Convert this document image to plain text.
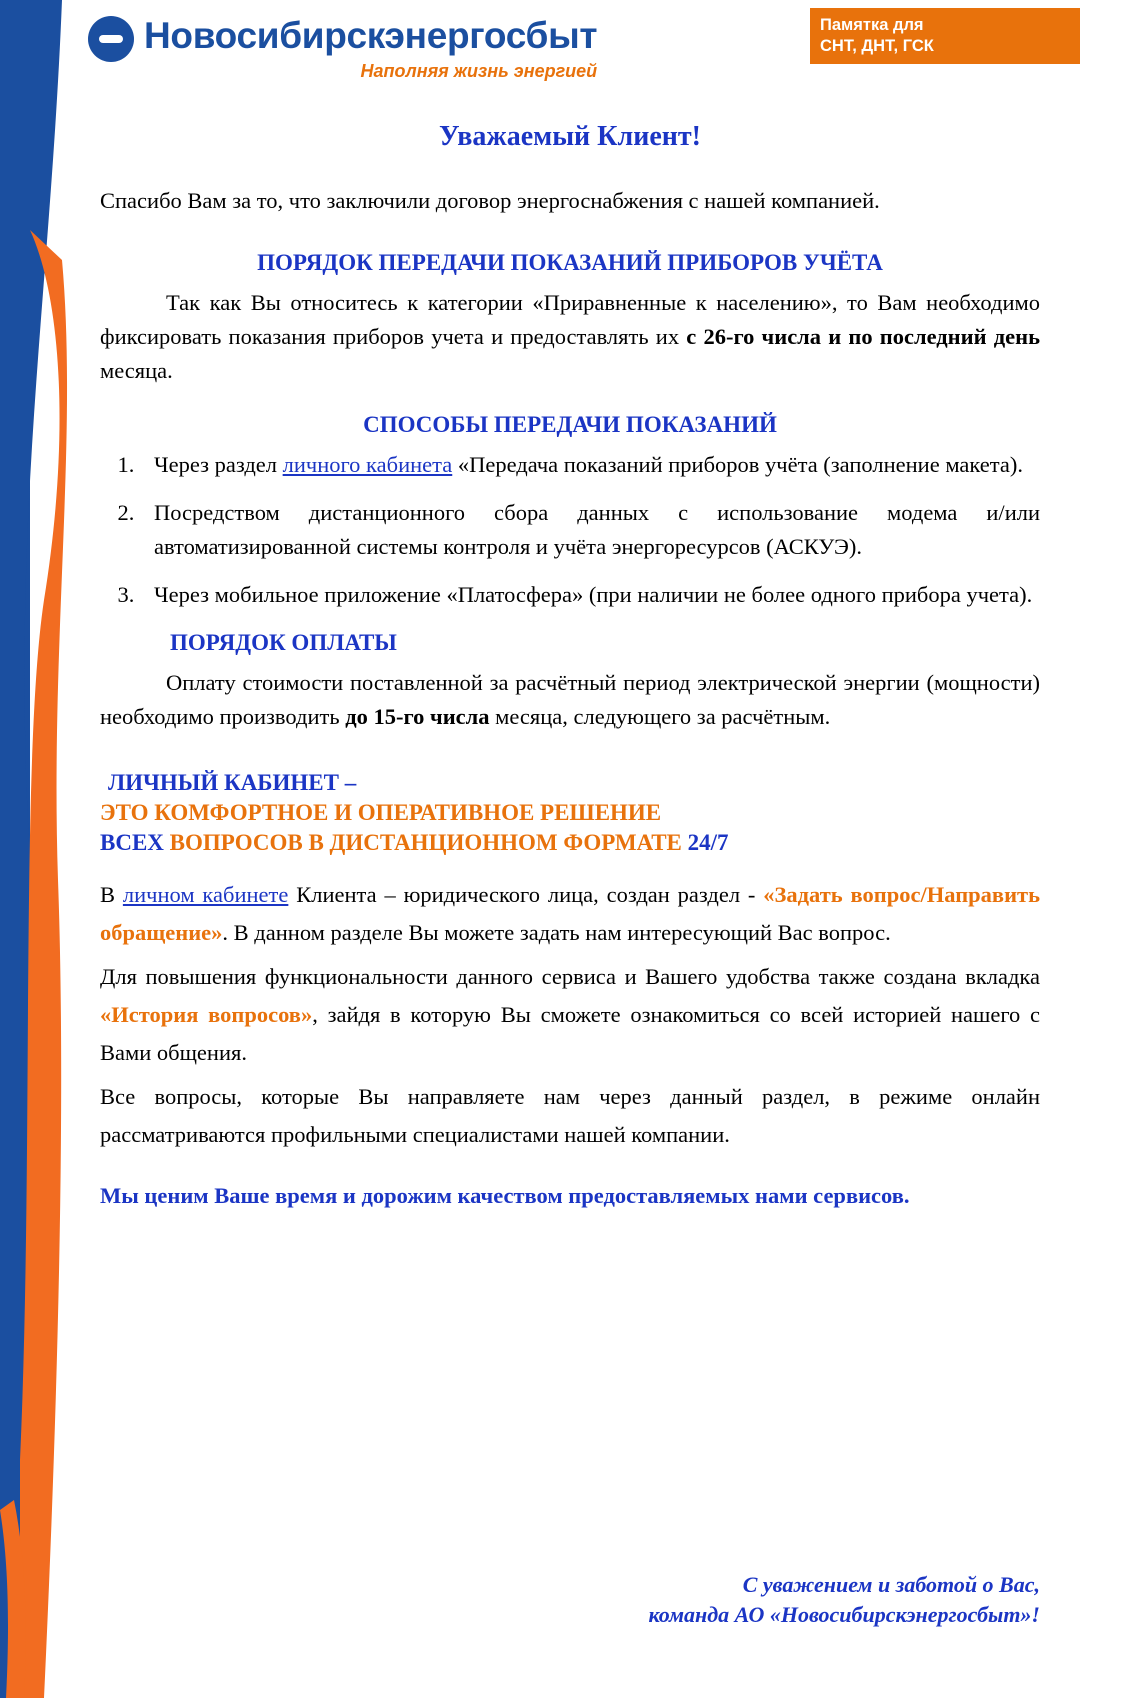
Новосибирскэнергосбыт
Наполняя жизнь энергией
Памятка для
СНТ, ДНТ, ГСК
Уважаемый Клиент!

Спасибо Вам за то, что заключили договор энергоснабжения с нашей компанией.

ПОРЯДОК ПЕРЕДАЧИ ПОКАЗАНИЙ ПРИБОРОВ УЧЁТА

Так как Вы относитесь к категории «Приравненные к населению», то Вам необходимо фиксировать показания приборов учета и предоставлять их с 26-го числа и по последний день месяца.

СПОСОБЫ ПЕРЕДАЧИ ПОКАЗАНИЙ
1. Через раздел личного кабинета «Передача показаний приборов учёта (заполнение макета).
2. Посредством дистанционного сбора данных с использование модема и/или автоматизированной системы контроля и учёта энергоресурсов (АСКУЭ).
3. Через мобильное приложение «Платосфера» (при наличии не более одного прибора учета).
ПОРЯДОК ОПЛАТЫ

Оплату стоимости поставленной за расчётный период электрической энергии (мощности) необходимо производить до 15-го числа месяца, следующего за расчётным.

ЛИЧНЫЙ КАБИНЕТ –
ЭТО КОМФОРТНОЕ И ОПЕРАТИВНОЕ РЕШЕНИЕ
ВСЕХ ВОПРОСОВ В ДИСТАНЦИОННОМ ФОРМАТЕ 24/7

В личном кабинете Клиента – юридического лица, создан раздел - «Задать вопрос/Направить обращение». В данном разделе Вы можете задать нам интересующий Вас вопрос.

Для повышения функциональности данного сервиса и Вашего удобства также создана вкладка «История вопросов», зайдя в которую Вы сможете ознакомиться со всей историей нашего с Вами общения.

Все вопросы, которые Вы направляете нам через данный раздел, в режиме онлайн рассматриваются профильными специалистами нашей компании.

Мы ценим Ваше время и дорожим качеством предоставляемых нами сервисов.
С уважением и заботой о Вас,
команда АО «Новосибирскэнергосбыт»!
